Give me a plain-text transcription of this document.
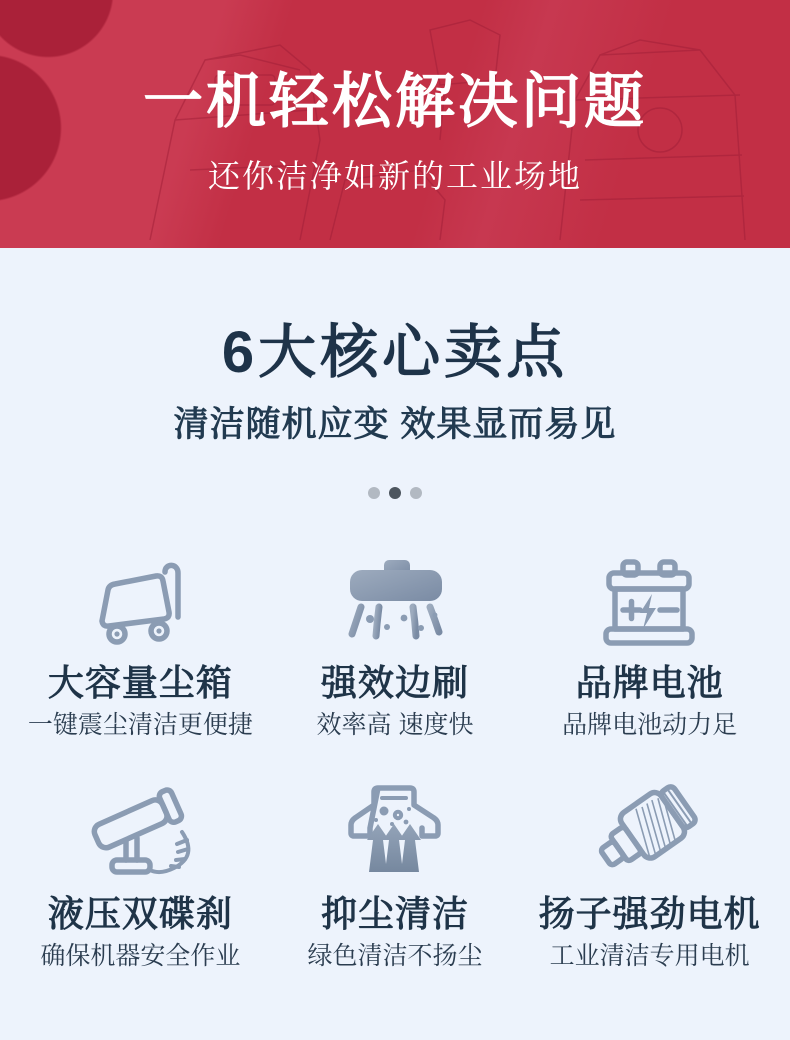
一机轻松解决问题
还你洁净如新的工业场地
6大核心卖点
清洁随机应变 效果显而易见
大容量尘箱
一键震尘清洁更便捷
强效边刷
效率高 速度快
品牌电池
品牌电池动力足
液压双碟刹
确保机器安全作业
抑尘清洁
绿色清洁不扬尘
扬子强劲电机
工业清洁专用电机
